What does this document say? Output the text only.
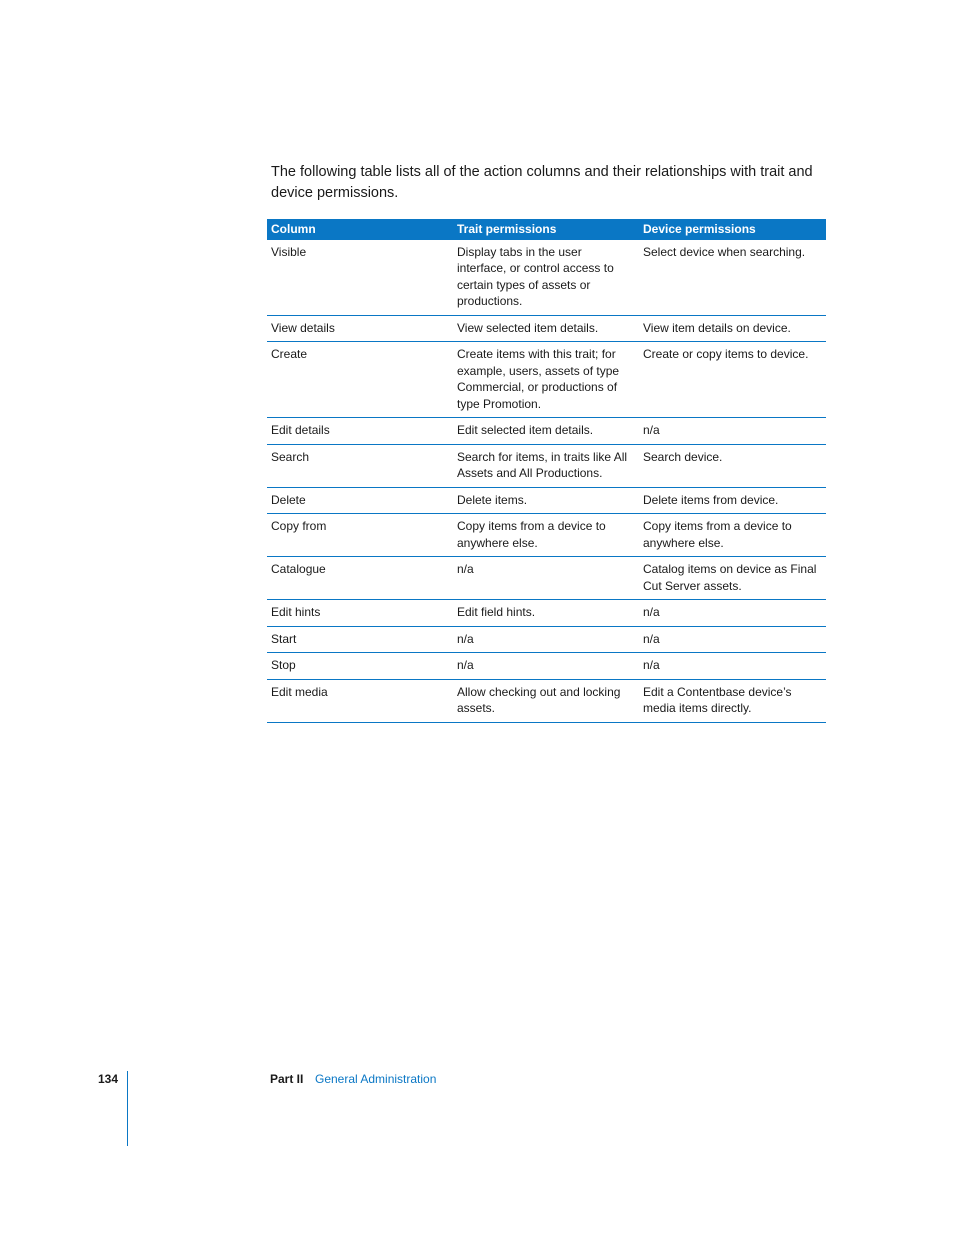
The following table lists all of the action columns and their relationships with trait and device permissions.

Column	Trait permissions	Device permissions
Visible	Display tabs in the user interface, or control access to certain types of assets or productions.	Select device when searching.
View details	View selected item details.	View item details on device.
Create	Create items with this trait; for example, users, assets of type Commercial, or productions of type Promotion.	Create or copy items to device.
Edit details	Edit selected item details.	n/a
Search	Search for items, in traits like All Assets and All Productions.	Search device.
Delete	Delete items.	Delete items from device.
Copy from	Copy items from a device to anywhere else.	Copy items from a device to anywhere else.
Catalogue	n/a	Catalog items on device as Final Cut Server assets.
Edit hints	Edit field hints.	n/a
Start	n/a	n/a
Stop	n/a	n/a
Edit media	Allow checking out and locking assets.	Edit a Contentbase device’s media items directly.
134	Part II General Administration
